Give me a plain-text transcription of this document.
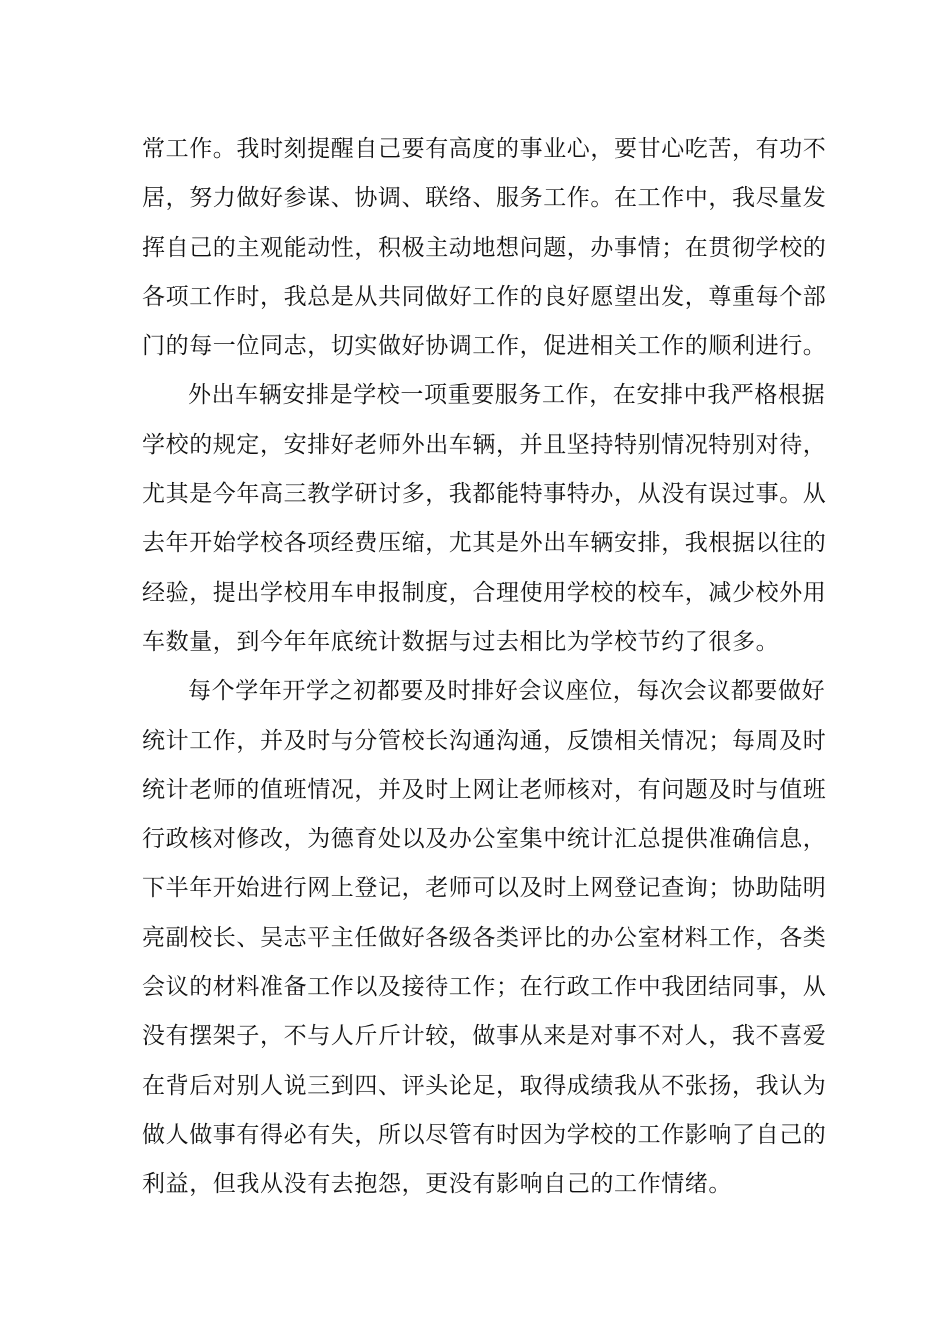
常工作。我时刻提醒自己要有高度的事业心，要甘心吃苦，有功不
居，努力做好参谋、协调、联络、服务工作。在工作中，我尽量发
挥自己的主观能动性，积极主动地想问题，办事情；在贯彻学校的
各项工作时，我总是从共同做好工作的良好愿望出发，尊重每个部
门的每一位同志，切实做好协调工作，促进相关工作的顺利进行。
外出车辆安排是学校一项重要服务工作，在安排中我严格根据
学校的规定，安排好老师外出车辆，并且坚持特别情况特别对待，
尤其是今年高三教学研讨多，我都能特事特办，从没有误过事。从
去年开始学校各项经费压缩，尤其是外出车辆安排，我根据以往的
经验，提出学校用车申报制度，合理使用学校的校车，减少校外用
车数量，到今年年底统计数据与过去相比为学校节约了很多。
每个学年开学之初都要及时排好会议座位，每次会议都要做好
统计工作，并及时与分管校长沟通沟通，反馈相关情况；每周及时
统计老师的值班情况，并及时上网让老师核对，有问题及时与值班
行政核对修改，为德育处以及办公室集中统计汇总提供准确信息，
下半年开始进行网上登记，老师可以及时上网登记查询；协助陆明
亮副校长、吴志平主任做好各级各类评比的办公室材料工作，各类
会议的材料准备工作以及接待工作；在行政工作中我团结同事，从
没有摆架子，不与人斤斤计较，做事从来是对事不对人，我不喜爱
在背后对别人说三到四、评头论足，取得成绩我从不张扬，我认为
做人做事有得必有失，所以尽管有时因为学校的工作影响了自己的
利益，但我从没有去抱怨，更没有影响自己的工作情绪。
